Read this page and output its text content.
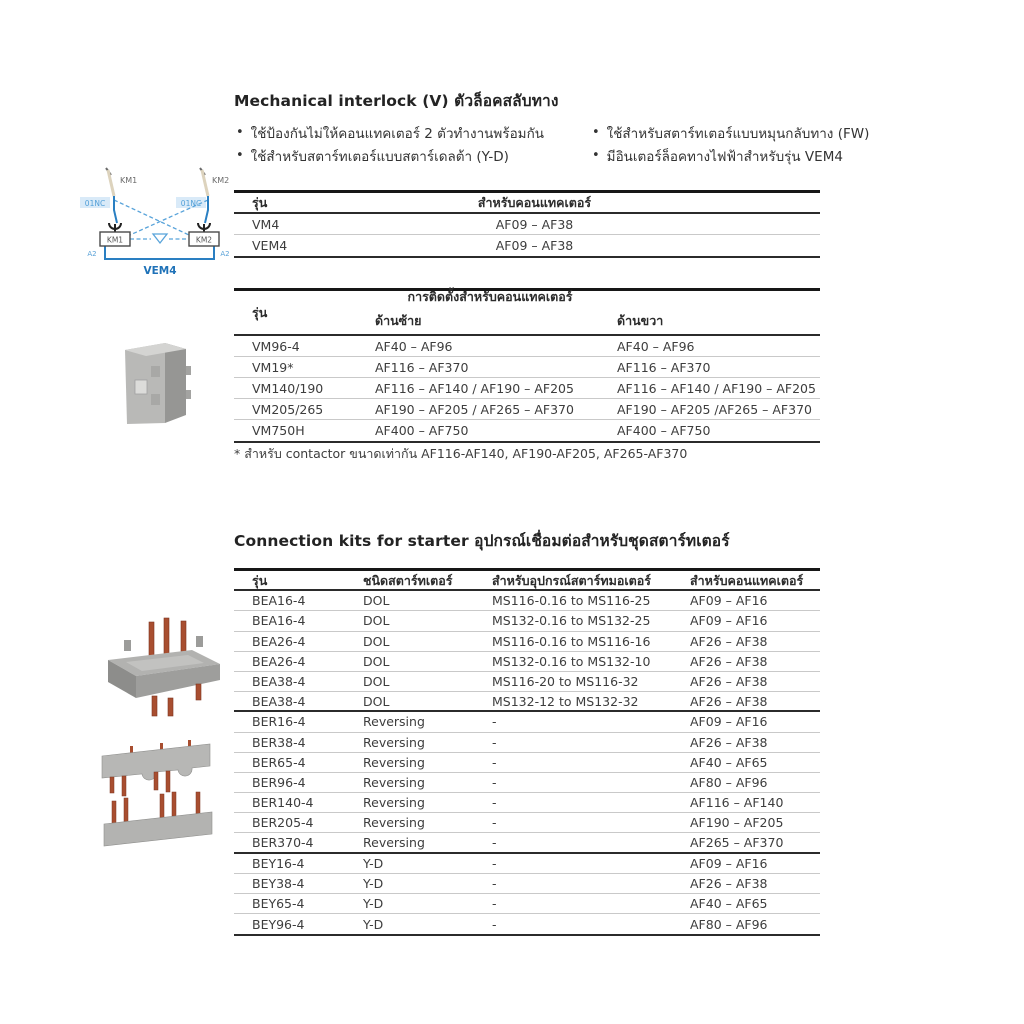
Mechanical interlock (V) ตัวล็อคสลับทาง
• ใช้ป้องกันไม่ให้คอนแทคเตอร์ 2 ตัวทำงานพร้อมกัน
• ใช้สำหรับสตาร์ทเตอร์แบบสตาร์เดลต้า (Y-D)
• ใช้สำหรับสตาร์ทเตอร์แบบหมุนกลับทาง (FW)
• มีอินเตอร์ล็อคทางไฟฟ้าสำหรับรุ่น VEM4
KM1	KM2
01NC	01NC
KM1	KM2
A2	A2
VEM4
รุ่น	สำหรับคอนแทคเตอร์
VM4	AF09 – AF38
VEM4	AF09 – AF38
รุ่น
การติดตั้งสำหรับคอนแทคเตอร์
ด้านซ้าย	ด้านขวา
VM96-4	AF40 – AF96	AF40 – AF96
VM19*	AF116 – AF370	AF116 – AF370
VM140/190	AF116 – AF140 / AF190 – AF205	AF116 – AF140 / AF190 – AF205
VM205/265	AF190 – AF205 / AF265 – AF370	AF190 – AF205 /AF265 – AF370
VM750H	AF400 – AF750	AF400 – AF750
* สำหรับ contactor ขนาดเท่ากัน AF116-AF140, AF190-AF205, AF265-AF370
Connection kits for starter อุปกรณ์เชื่อมต่อสำหรับชุดสตาร์ทเตอร์
รุ่น	ชนิดสตาร์ทเตอร์	สำหรับอุปกรณ์สตาร์ทมอเตอร์	สำหรับคอนแทคเตอร์
BEA16-4	DOL	MS116-0.16 to MS116-25	AF09 – AF16
BEA16-4	DOL	MS132-0.16 to MS132-25	AF09 – AF16
BEA26-4	DOL	MS116-0.16 to MS116-16	AF26 – AF38
BEA26-4	DOL	MS132-0.16 to MS132-10	AF26 – AF38
BEA38-4	DOL	MS116-20 to MS116-32	AF26 – AF38
BEA38-4	DOL	MS132-12 to MS132-32	AF26 – AF38
BER16-4	Reversing	-	AF09 – AF16
BER38-4	Reversing	-	AF26 – AF38
BER65-4	Reversing	-	AF40 – AF65
BER96-4	Reversing	-	AF80 – AF96
BER140-4	Reversing	-	AF116 – AF140
BER205-4	Reversing	-	AF190 – AF205
BER370-4	Reversing	-	AF265 – AF370
BEY16-4	Y-D	-	AF09 – AF16
BEY38-4	Y-D	-	AF26 – AF38
BEY65-4	Y-D	-	AF40 – AF65
BEY96-4	Y-D	-	AF80 – AF96
